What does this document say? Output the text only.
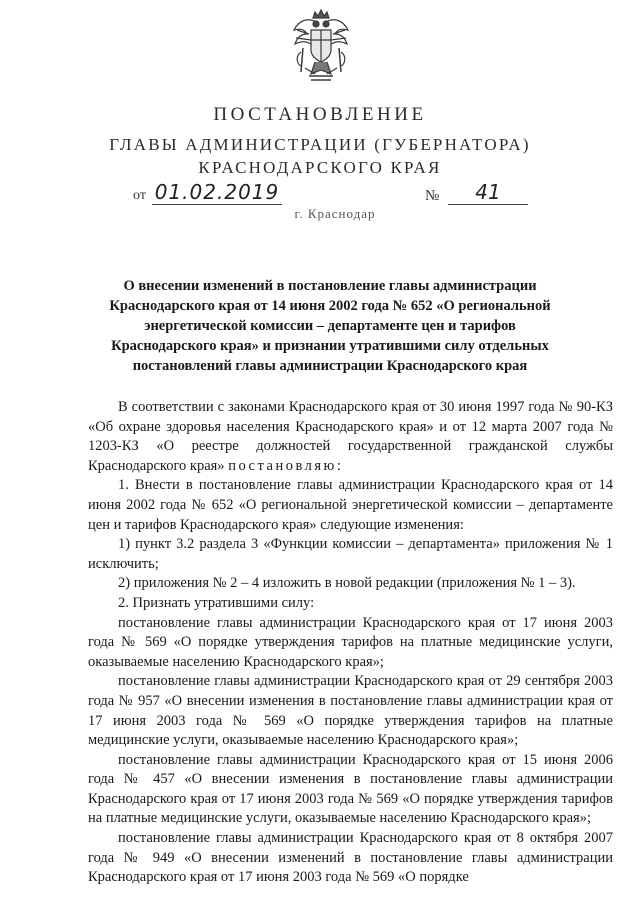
ПОСТАНОВЛЕНИЕ
ГЛАВЫ АДМИНИСТРАЦИИ (ГУБЕРНАТОРА)
КРАСНОДАРСКОГО КРАЯ
от 01.02.2019	№	41
г. Краснодар
О внесении изменений в постановление главы администрации Краснодарского края от 14 июня 2002 года № 652 «О региональной энергетической комиссии – департаменте цен и тарифов Краснодарского края» и признании утратившими силу отдельных постановлений главы администрации Краснодарского края

В соответствии с законами Краснодарского края от 30 июня 1997 года № 90-КЗ «Об охране здоровья населения Краснодарского края» и от 12 марта 2007 года № 1203-КЗ «О реестре должностей государственной гражданской службы Краснодарского края» постановляю:

1. Внести в постановление главы администрации Краснодарского края от 14 июня 2002 года № 652 «О региональной энергетической комиссии – департаменте цен и тарифов Краснодарского края» следующие изменения:

1) пункт 3.2 раздела 3 «Функции комиссии – департамента» приложения № 1 исключить;

2) приложения № 2 – 4 изложить в новой редакции (приложения № 1 – 3).

2. Признать утратившими силу:

постановление главы администрации Краснодарского края от 17 июня 2003 года № 569 «О порядке утверждения тарифов на платные медицинские услуги, оказываемые населению Краснодарского края»;

постановление главы администрации Краснодарского края от 29 сентября 2003 года № 957 «О внесении изменения в постановление главы администрации края от 17 июня 2003 года № 569 «О порядке утверждения тарифов на платные медицинские услуги, оказываемые населению Краснодарского края»;

постановление главы администрации Краснодарского края от 15 июня 2006 года № 457 «О внесении изменения в постановление главы администрации Краснодарского края от 17 июня 2003 года № 569 «О порядке утверждения тарифов на платные медицинские услуги, оказываемые населению Краснодарского края»;

постановление главы администрации Краснодарского края от 8 октября 2007 года № 949 «О внесении изменений в постановление главы администрации Краснодарского края от 17 июня 2003 года № 569 «О порядке
